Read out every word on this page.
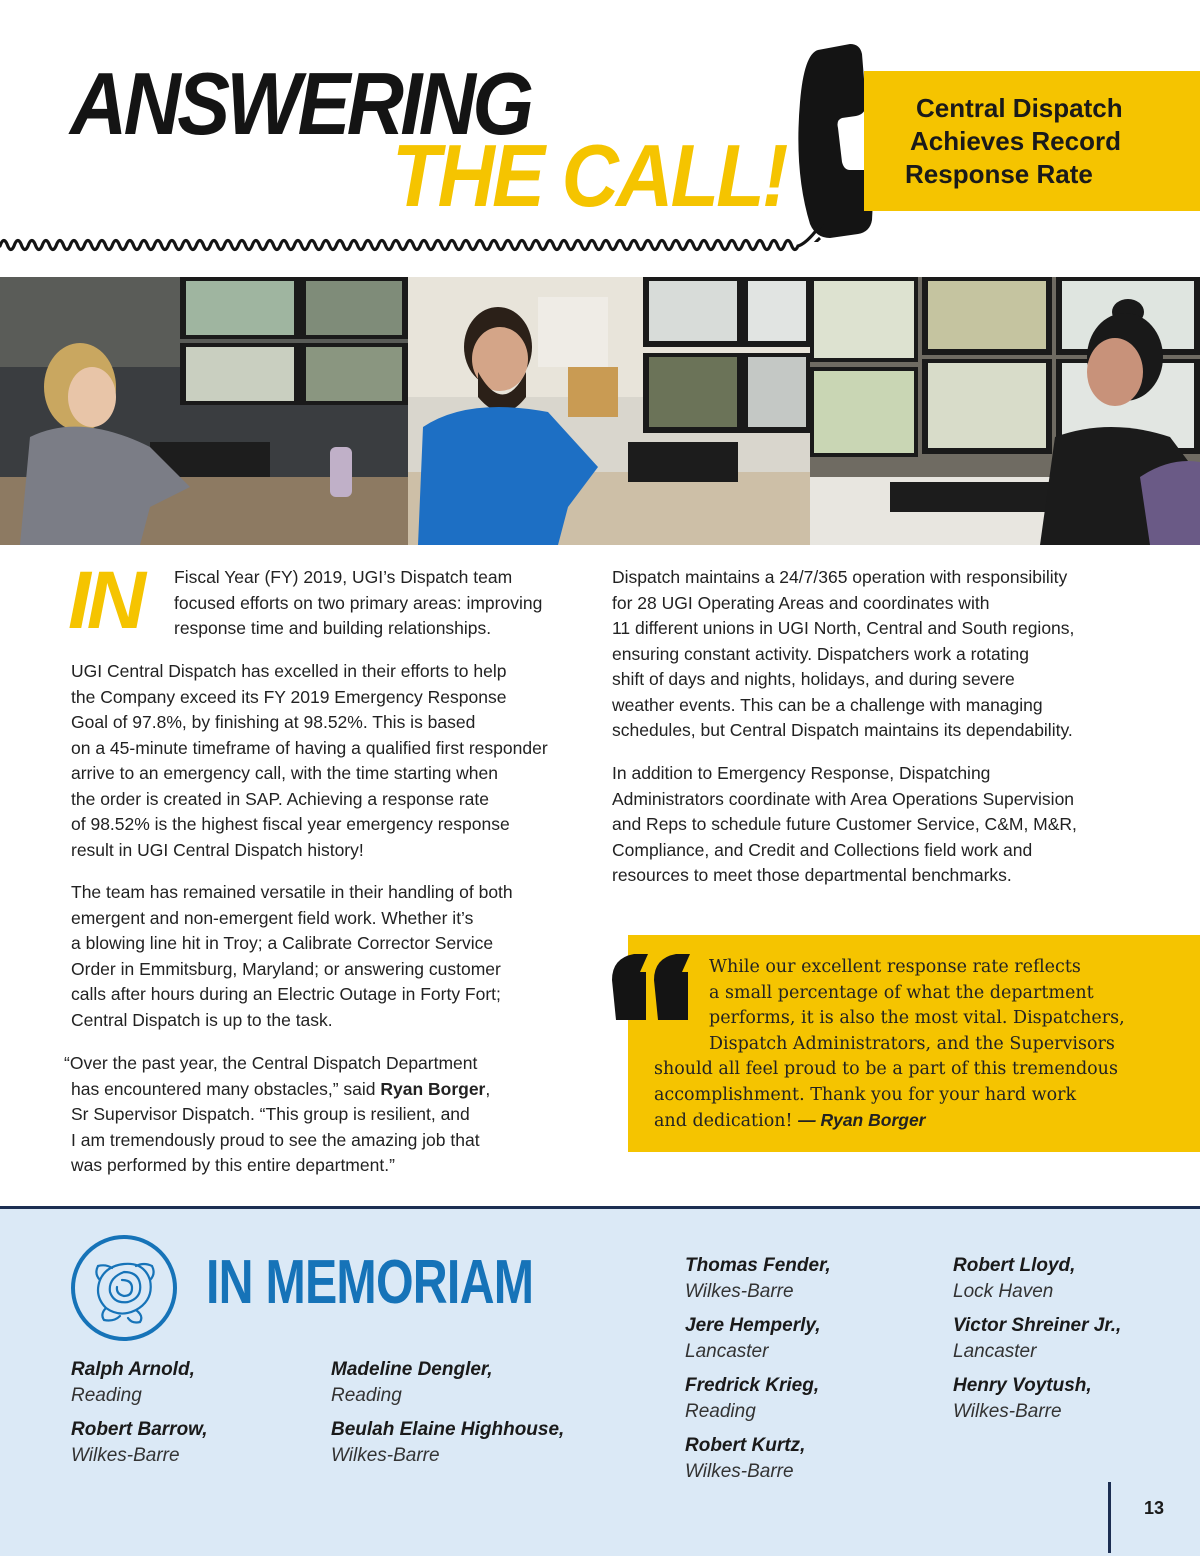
ANSWERING
THE CALL!
Central Dispatch
Achieves Record
Response Rate
IN Fiscal Year (FY) 2019, UGI’s Dispatch team
focused efforts on two primary areas: improving
response time and building relationships.
UGI Central Dispatch has excelled in their efforts to help
the Company exceed its FY 2019 Emergency Response
Goal of 97.8%, by finishing at 98.52%. This is based
on a 45-minute timeframe of having a qualified first responder
arrive to an emergency call, with the time starting when
the order is created in SAP. Achieving a response rate
of 98.52% is the highest fiscal year emergency response
result in UGI Central Dispatch history!
The team has remained versatile in their handling of both
emergent and non-emergent field work. Whether it’s
a blowing line hit in Troy; a Calibrate Corrector Service
Order in Emmitsburg, Maryland; or answering customer
calls after hours during an Electric Outage in Forty Fort;
Central Dispatch is up to the task.
“Over the past year, the Central Dispatch Department
has encountered many obstacles,” said Ryan Borger,
Sr Supervisor Dispatch. “This group is resilient, and
I am tremendously proud to see the amazing job that
was performed by this entire department.”
Dispatch maintains a 24/7/365 operation with responsibility
for 28 UGI Operating Areas and coordinates with
11 different unions in UGI North, Central and South regions,
ensuring constant activity. Dispatchers work a rotating
shift of days and nights, holidays, and during severe
weather events. This can be a challenge with managing
schedules, but Central Dispatch maintains its dependability.
In addition to Emergency Response, Dispatching
Administrators coordinate with Area Operations Supervision
and Reps to schedule future Customer Service, C&M, M&R,
Compliance, and Credit and Collections field work and
resources to meet those departmental benchmarks.
While our excellent response rate reflects
a small percentage of what the department
performs, it is also the most vital. Dispatchers,
Dispatch Administrators, and the Supervisors
should all feel proud to be a part of this tremendous
accomplishment. Thank you for your hard work
and dedication! — Ryan Borger
IN MEMORIAM
Ralph Arnold,
Reading
Robert Barrow,
Wilkes-Barre
Madeline Dengler,
Reading
Beulah Elaine Highhouse,
Wilkes-Barre
Thomas Fender,
Wilkes-Barre
Jere Hemperly,
Lancaster
Fredrick Krieg,
Reading
Robert Kurtz,
Wilkes-Barre
Robert Lloyd,
Lock Haven
Victor Shreiner Jr.,
Lancaster
Henry Voytush,
Wilkes-Barre
13
